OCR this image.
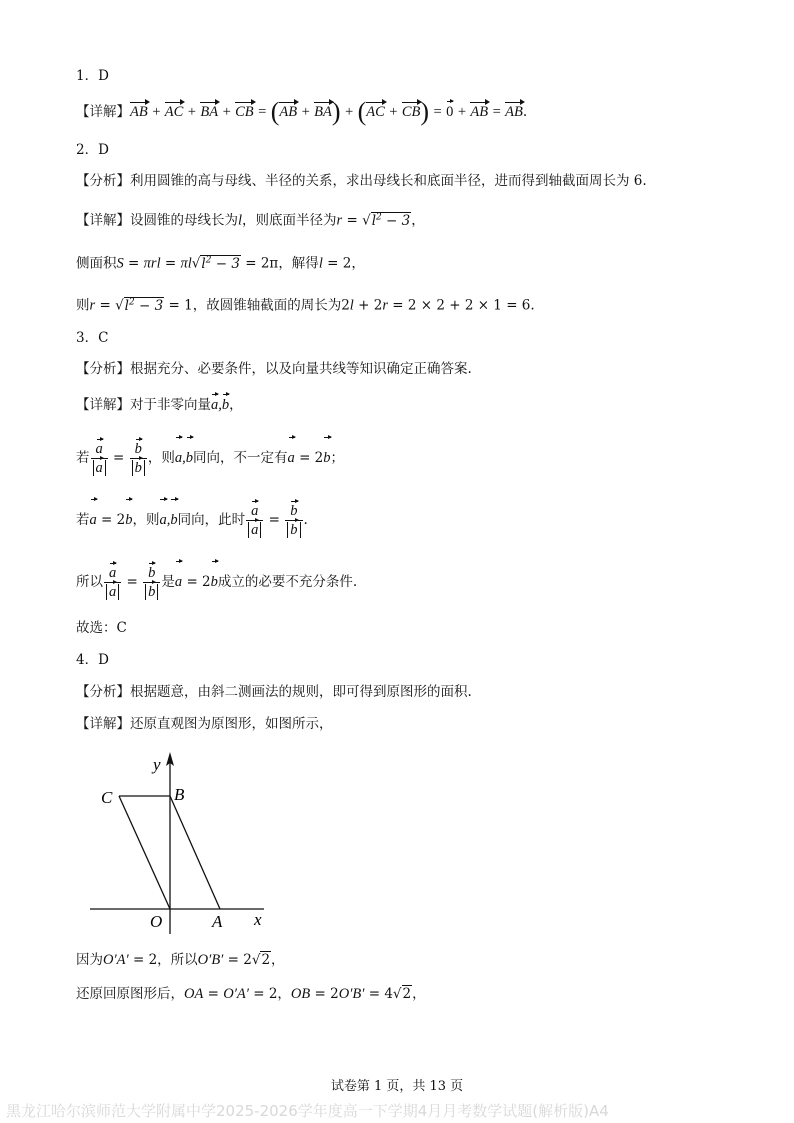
1．D
【详解】AB + AC + BA + CB = (AB + BA) + (AC + CB) = 0 + AB = AB.
2．D
【分析】利用圆锥的高与母线、半径的关系，求出母线长和底面半径，进而得到轴截面周长为 6.
【详解】设圆锥的母线长为l，则底面半径为$r = √l^2 - 3$，
侧面积$S = \pi rl = \pi l√l^2 - 3 = 2\pi$，解得l = 2，
则$r = √l^2 - 3 = 1$，故圆锥轴截面的周长为2l + 2r = 2 × 2 + 2 × 1 = 6.
3．C
【分析】根据充分、必要条件，以及向量共线等知识确定正确答案.
【详解】对于非零向量a,b，
若 $\frac{a}{a} = \frac{b}{b}$ ，则a,b同向，不一定有a = 2b；
若a = 2b，则a,b同向，此时 $\frac{a}{a} = \frac{b}{b}$ .
所以 $\frac{a}{a} = \frac{b}{b}$ 是a = 2b成立的必要不充分条件.
故选：C
4．D
【分析】根据题意，由斜二测画法的规则，即可得到原图形的面积.
【详解】还原直观图为原图形，如图所示，
y
x
C	B
O	A
因为O′A′ = 2，所以O′B′ = 2√2，
还原回原图形后，OA = O′A′ = 2，OB = 2O′B′ = 4√2，
试卷第 1 页，共 13 页
黑龙江哈尔滨师范大学附属中学2025-2026学年度高一下学期4月月考数学试题(解析版)A4
